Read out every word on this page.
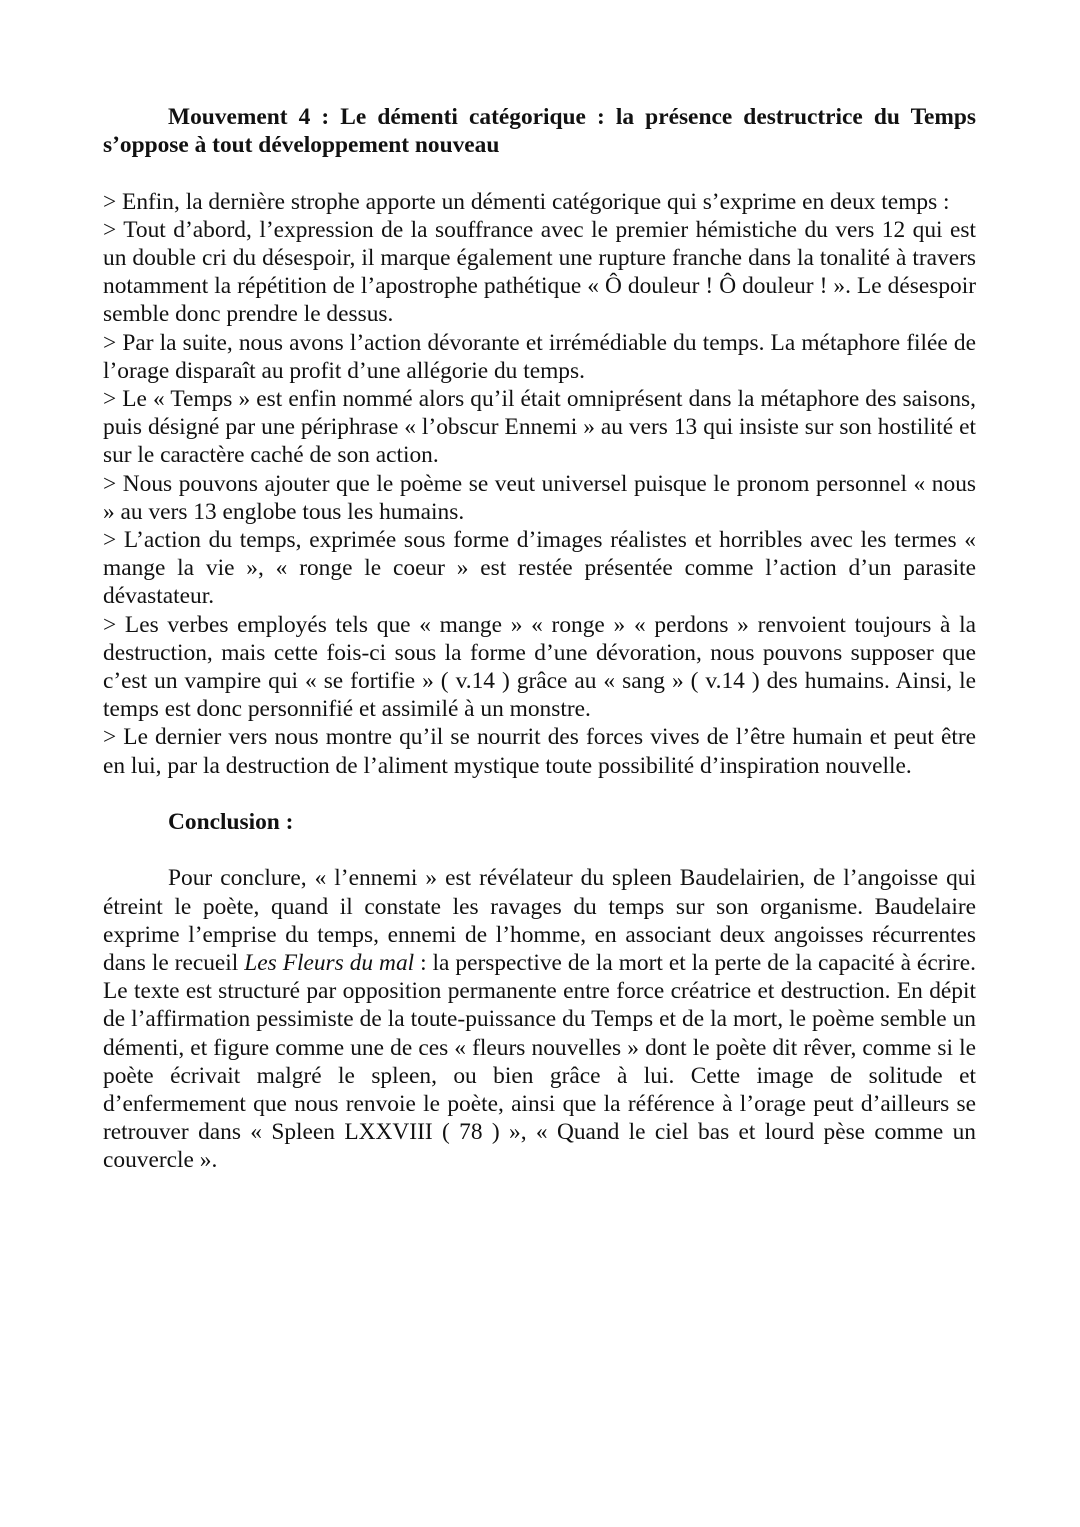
Mouvement 4 : Le démenti catégorique : la présence destructrice du Temps s’oppose à tout développement nouveau

> Enfin, la dernière strophe apporte un démenti catégorique qui s’exprime en deux temps :

> Tout d’abord, l’expression de la souffrance avec le premier hémistiche du vers 12 qui est un double cri du désespoir, il marque également une rupture franche dans la tonalité à travers notamment la répétition de l’apostrophe pathétique « Ô douleur ! Ô douleur ! ». Le désespoir semble donc prendre le dessus.

> Par la suite, nous avons l’action dévorante et irrémédiable du temps. La métaphore filée de l’orage disparaît au profit d’une allégorie du temps.

> Le « Temps » est enfin nommé alors qu’il était omniprésent dans la métaphore des saisons, puis désigné par une périphrase « l’obscur Ennemi » au vers 13 qui insiste sur son hostilité et sur le caractère caché de son action.

> Nous pouvons ajouter que le poème se veut universel puisque le pronom personnel « nous » au vers 13 englobe tous les humains.

> L’action du temps, exprimée sous forme d’images réalistes et horribles avec les termes « mange la vie », « ronge le coeur » est restée présentée comme l’action d’un parasite dévastateur.

> Les verbes employés tels que « mange » « ronge » « perdons » renvoient toujours à la destruction, mais cette fois-ci sous la forme d’une dévoration, nous pouvons supposer que c’est un vampire qui « se fortifie » ( v.14 ) grâce au « sang » ( v.14 ) des humains. Ainsi, le temps est donc personnifié et assimilé à un monstre.

> Le dernier vers nous montre qu’il se nourrit des forces vives de l’être humain et peut être en lui, par la destruction de l’aliment mystique toute possibilité d’inspiration nouvelle.

Conclusion :

Pour conclure, « l’ennemi » est révélateur du spleen Baudelairien, de l’angoisse qui étreint le poète, quand il constate les ravages du temps sur son organisme. Baudelaire exprime l’emprise du temps, ennemi de l’homme, en associant deux angoisses récurrentes dans le recueil Les Fleurs du mal : la perspective de la mort et la perte de la capacité à écrire. Le texte est structuré par opposition permanente entre force créatrice et destruction. En dépit de l’affirmation pessimiste de la toute-puissance du Temps et de la mort, le poème semble un démenti, et figure comme une de ces « fleurs nouvelles » dont le poète dit rêver, comme si le poète écrivait malgré le spleen, ou bien grâce à lui. Cette image de solitude et d’enfermement que nous renvoie le poète, ainsi que la référence à l’orage peut d’ailleurs se retrouver dans « Spleen LXXVIII ( 78 ) », « Quand le ciel bas et lourd pèse comme un couvercle ».
